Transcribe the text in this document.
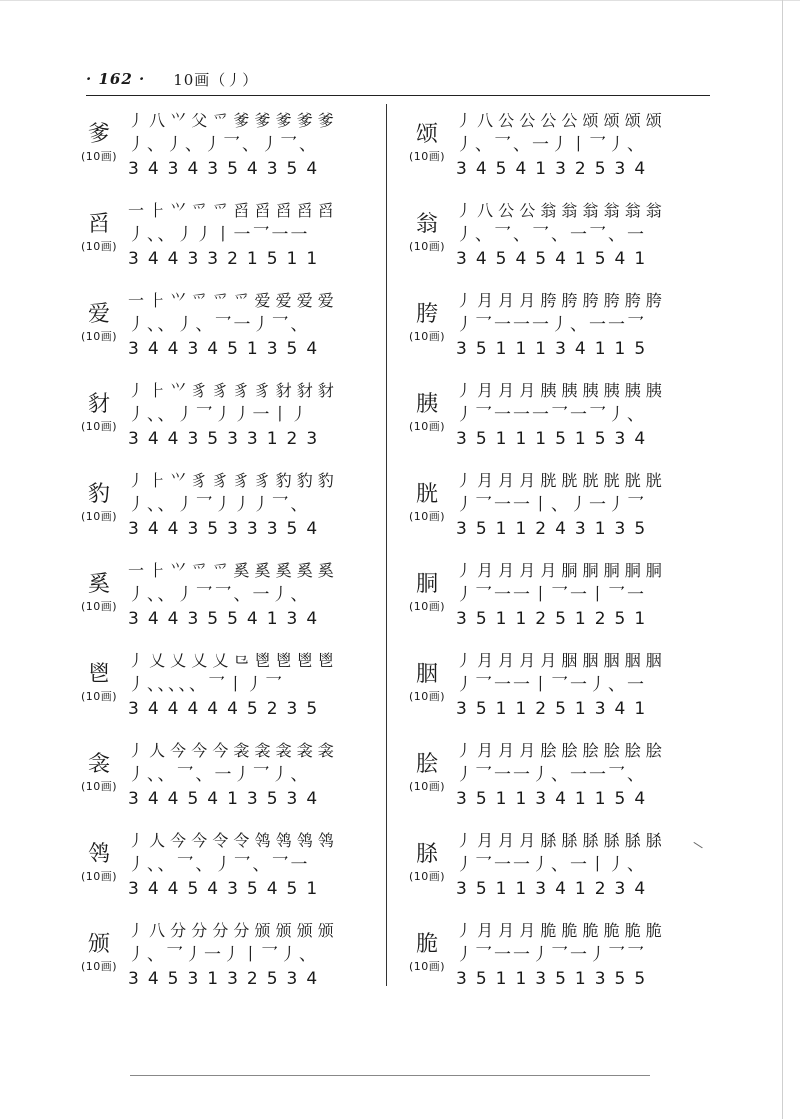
· 162 · 10画（丿）
爹
(10画)
丿 八 ⺍ 父 爫 爹 爹 爹 爹 爹
丿、丿、丿乛、丿乛、
3434354354
舀
(10画)
一 ⺊ ⺍ 爫 爫 舀 舀 舀 舀 舀
丿、、丿丿丨一乛一一
3443321511
爱
(10画)
一 ⺊ ⺍ 爫 爫 爫 爱 爱 爱 爱
丿、、丿、乛一丿乛、
3443451354
豺
(10画)
丿 ⺊ ⺍ 豸 豸 豸 豸 豺 豺 豺
丿、、丿乛丿丿一丨丿
3443533123
豹
(10画)
丿 ⺊ ⺍ 豸 豸 豸 豸 豹 豹 豹
丿、、丿乛丿丿丿乛、
3443533354
奚
(10画)
一 ⺊ ⺍ 爫 爫 奚 奚 奚 奚 奚
丿、、丿乛乛、一丿、
3443554134
鬯
(10画)
丿 乂 乂 乂 乂 ⺋ 鬯 鬯 鬯 鬯
丿、、、、、乛丨丿乛
3444445235
衾
(10画)
丿 人 今 今 今 衾 衾 衾 衾 衾
丿、、乛、一丿乛丿、
3445413534
鸰
(10画)
丿 人 今 今 令 令 鸰 鸰 鸰 鸰
丿、、乛、丿乛、乛一
3445435451
颁
(10画)
丿 八 分 分 分 分 颁 颁 颁 颁
丿、乛丿一丿丨乛丿、
3453132534
颂
(10画)
丿 八 公 公 公 公 颂 颂 颂 颂
丿、乛、一丿丨乛丿、
3454132534
翁
(10画)
丿 八 公 公 翁 翁 翁 翁 翁 翁
丿、乛、乛、一乛、一
3454541541
胯
(10画)
丿 月 月 月 胯 胯 胯 胯 胯 胯
丿乛一一一丿、一一乛
3511134115
胰
(10画)
丿 月 月 月 胰 胰 胰 胰 胰 胰
丿乛一一一乛一乛丿、
3511151534
胱
(10画)
丿 月 月 月 胱 胱 胱 胱 胱 胱
丿乛一一丨、丿一丿乛
3511243135
胴
(10画)
丿 月 月 月 月 胴 胴 胴 胴 胴
丿乛一一丨乛一丨乛一
3511251251
胭
(10画)
丿 月 月 月 月 胭 胭 胭 胭 胭
丿乛一一丨乛一丿、一
3511251341
脍
(10画)
丿 月 月 月 脍 脍 脍 脍 脍 脍
丿乛一一丿、一一乛、
3511341154
脎
(10画)
丿 月 月 月 脎 脎 脎 脎 脎 脎
丿乛一一丿、一丨丿、
3511341234
脆
(10画)
丿 月 月 月 脆 脆 脆 脆 脆 脆
丿乛一一丿乛一丿乛乛
3511351355
\
